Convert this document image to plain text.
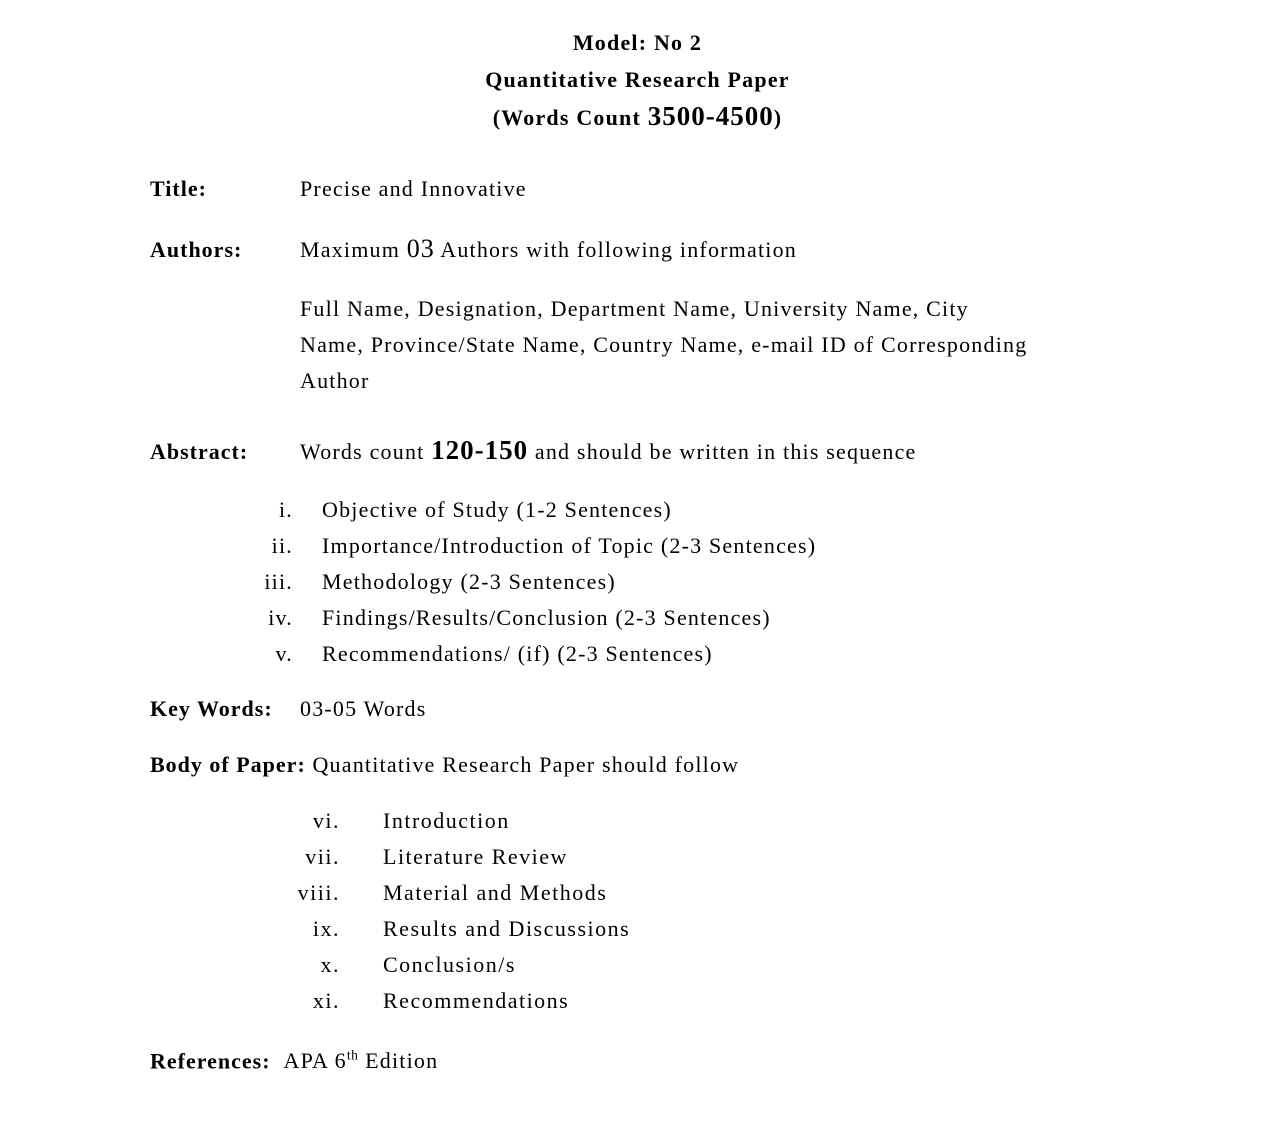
Model: No 2
Quantitative Research Paper
(Words Count 3500-4500)
Title:	Precise and Innovative
Authors:	Maximum 03 Authors with following information
Full Name, Designation, Department Name, University Name, City
Name, Province/State Name, Country Name, e-mail ID of Corresponding
Author
Abstract:	Words count 120-150 and should be written in this sequence
i. Objective of Study (1-2 Sentences)
ii. Importance/Introduction of Topic (2-3 Sentences)
iii. Methodology (2-3 Sentences)
iv. Findings/Results/Conclusion (2-3 Sentences)
v. Recommendations/ (if) (2-3 Sentences)
Key Words:	03-05 Words
Body of Paper: Quantitative Research Paper should follow
vi. Introduction
vii. Literature Review
viii. Material and Methods
ix. Results and Discussions
x. Conclusion/s
xi. Recommendations
References: APA 6th Edition
